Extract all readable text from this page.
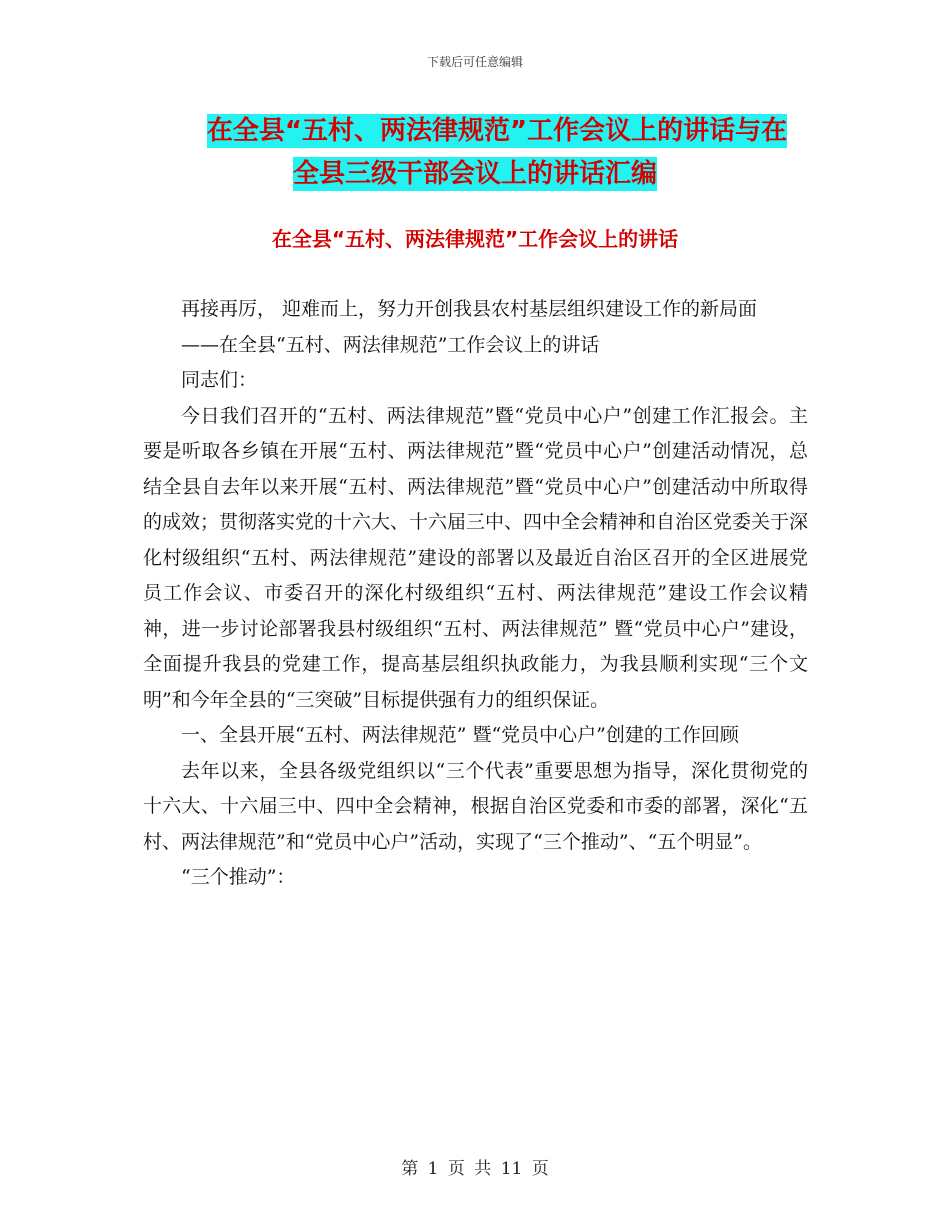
下载后可任意编辑
在全县“五村、两法律规范”工作会议上的讲话与在
全县三级干部会议上的讲话汇编
在全县“五村、两法律规范”工作会议上的讲话

再接再厉， 迎难而上，努力开创我县农村基层组织建设工作的新局面

——在全县“五村、两法律规范”工作会议上的讲话

同志们：

今日我们召开的“五村、两法律规范”暨“党员中心户”创建工作汇报会。主要是听取各乡镇在开展“五村、两法律规范”暨“党员中心户”创建活动情况，总结全县自去年以来开展“五村、两法律规范”暨“党员中心户”创建活动中所取得的成效；贯彻落实党的十六大、十六届三中、四中全会精神和自治区党委关于深化村级组织“五村、两法律规范”建设的部署以及最近自治区召开的全区进展党员工作会议、市委召开的深化村级组织“五村、两法律规范”建设工作会议精神，进一步讨论部署我县村级组织“五村、两法律规范” 暨“党员中心户”建设，全面提升我县的党建工作，提高基层组织执政能力，为我县顺利实现“三个文明”和今年全县的“三突破”目标提供强有力的组织保证。

一、全县开展“五村、两法律规范” 暨“党员中心户”创建的工作回顾

去年以来，全县各级党组织以“三个代表”重要思想为指导，深化贯彻党的十六大、十六届三中、四中全会精神，根据自治区党委和市委的部署，深化“五村、两法律规范”和“党员中心户”活动，实现了“三个推动”、“五个明显”。

“三个推动”：

第 1 页 共 11 页
